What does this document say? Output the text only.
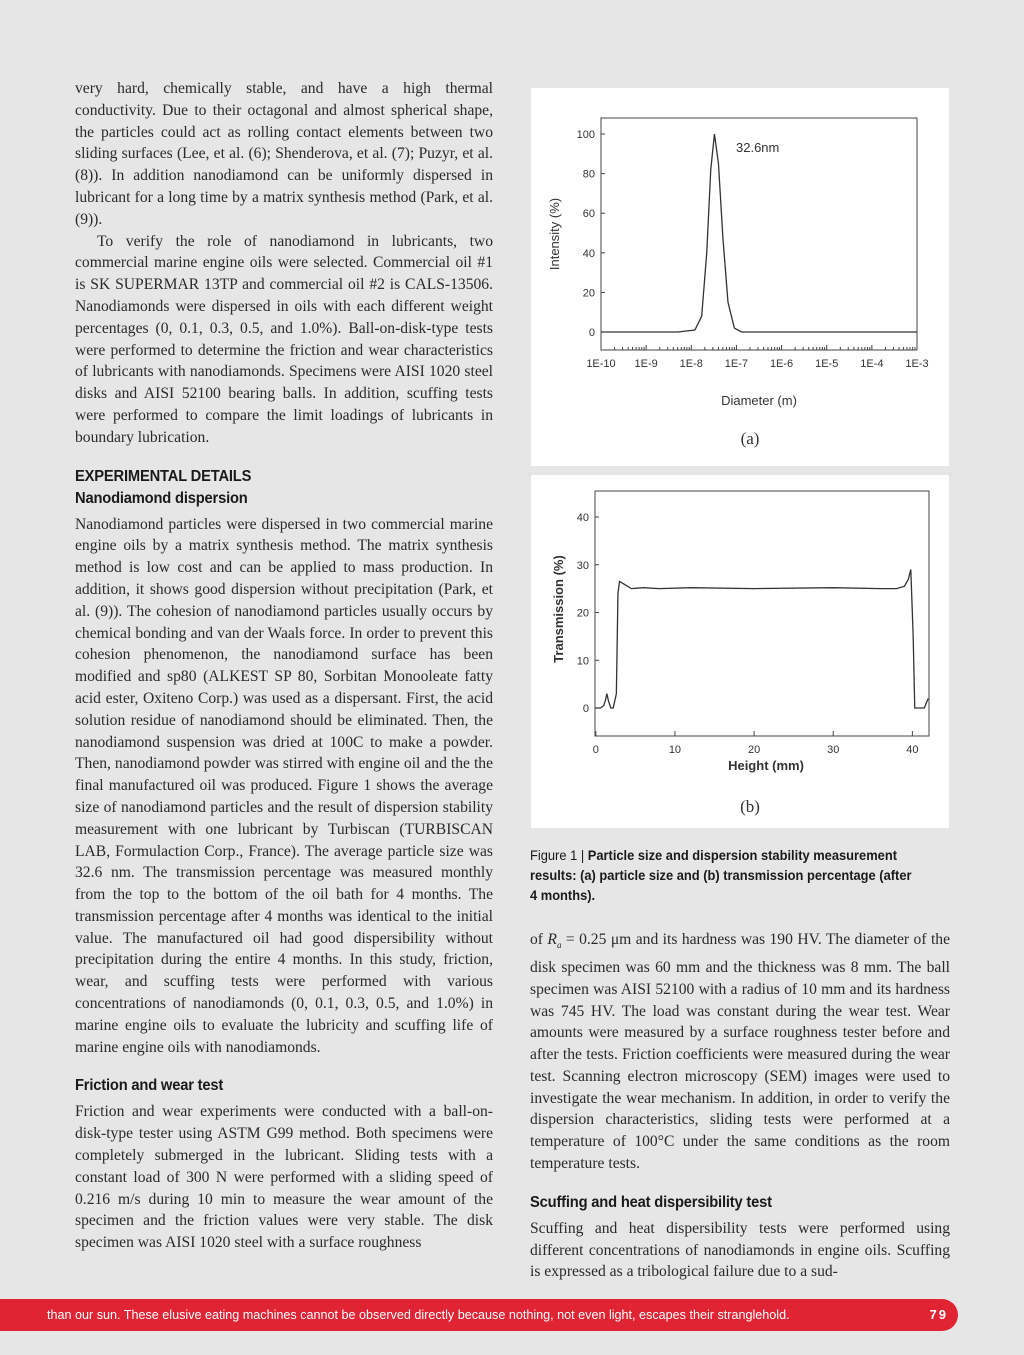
very hard, chemically stable, and have a high thermal conductivity. Due to their octagonal and almost spherical shape, the particles could act as rolling contact elements between two sliding surfaces (Lee, et al. (6); Shenderova, et al. (7); Puzyr, et al. (8)). In addition nanodiamond can be uniformly dispersed in lubricant for a long time by a matrix synthesis method (Park, et al. (9)).

To verify the role of nanodiamond in lubricants, two commercial marine engine oils were selected. Commercial oil #1 is SK SUPERMAR 13TP and commercial oil #2 is CALS-13506. Nanodiamonds were dispersed in oils with each different weight percentages (0, 0.1, 0.3, 0.5, and 1.0%). Ball-on-disk-type tests were performed to determine the friction and wear characteristics of lubricants with nanodiamonds. Specimens were AISI 1020 steel disks and AISI 52100 bearing balls. In addition, scuffing tests were performed to compare the limit loadings of lubricants in boundary lubrication.

EXPERIMENTAL DETAILS
Nanodiamond dispersion

Nanodiamond particles were dispersed in two commercial marine engine oils by a matrix synthesis method. The matrix synthesis method is low cost and can be applied to mass production. In addition, it shows good dispersion without precipitation (Park, et al. (9)). The cohesion of nanodiamond particles usually occurs by chemical bonding and van der Waals force. In order to prevent this cohesion phenomenon, the nanodiamond surface has been modified and sp80 (ALKEST SP 80, Sorbitan Monooleate fatty acid ester, Oxiteno Corp.) was used as a dispersant. First, the acid solution residue of nanodiamond should be eliminated. Then, the nanodiamond suspension was dried at 100C to make a powder. Then, nanodiamond powder was stirred with engine oil and the the final manufactured oil was produced. Figure 1 shows the average size of nanodiamond particles and the result of dispersion stability measurement with one lubricant by Turbiscan (TURBISCAN LAB, Formulaction Corp., France). The average particle size was 32.6 nm. The transmission percentage was measured monthly from the top to the bottom of the oil bath for 4 months. The transmission percentage after 4 months was identical to the initial value. The manufactured oil had good dispersibility without precipitation during the entire 4 months. In this study, friction, wear, and scuffing tests were performed with various concentrations of nanodiamonds (0, 0.1, 0.3, 0.5, and 1.0%) in marine engine oils to evaluate the lubricity and scuffing life of marine engine oils with nanodiamonds.

Friction and wear test

Friction and wear experiments were conducted with a ball-on-disk-type tester using ASTM G99 method. Both specimens were completely submerged in the lubricant. Sliding tests with a constant load of 300 N were performed with a sliding speed of 0.216 m/s during 10 min to measure the wear amount of the specimen and the friction values were very stable. The disk specimen was AISI 1020 steel with a surface roughness

0
20
40
60
80
100
1E-10 1E-9 1E-8 1E-7 1E-6 1E-5 1E-4 1E-3
32.6nm
Diameter (m)
Intensity (%)
(a)
0
10
20
30
40
0	10	20	30	40
Height (mm)
Transmission (%)
(b)
Figure 1 | Particle size and dispersion stability measurement results: (a) particle size and (b) transmission percentage (after 4 months).

of $R_a = 0.25$ μm and its hardness was 190 HV. The diameter of the disk specimen was 60 mm and the thickness was 8 mm. The ball specimen was AISI 52100 with a radius of 10 mm and its hardness was 745 HV. The load was constant during the wear test. Wear amounts were measured by a surface roughness tester before and after the tests. Friction coefficients were measured during the wear test. Scanning electron microscopy (SEM) images were used to investigate the wear mechanism. In addition, in order to verify the dispersion characteristics, sliding tests were performed at a temperature of 100°C under the same conditions as the room temperature tests.

Scuffing and heat dispersibility test

Scuffing and heat dispersibility tests were performed using different concentrations of nanodiamonds in engine oils. Scuffing is expressed as a tribological failure due to a sud-

than our sun. These elusive eating machines cannot be observed directly because nothing, not even light, escapes their stranglehold.	79
